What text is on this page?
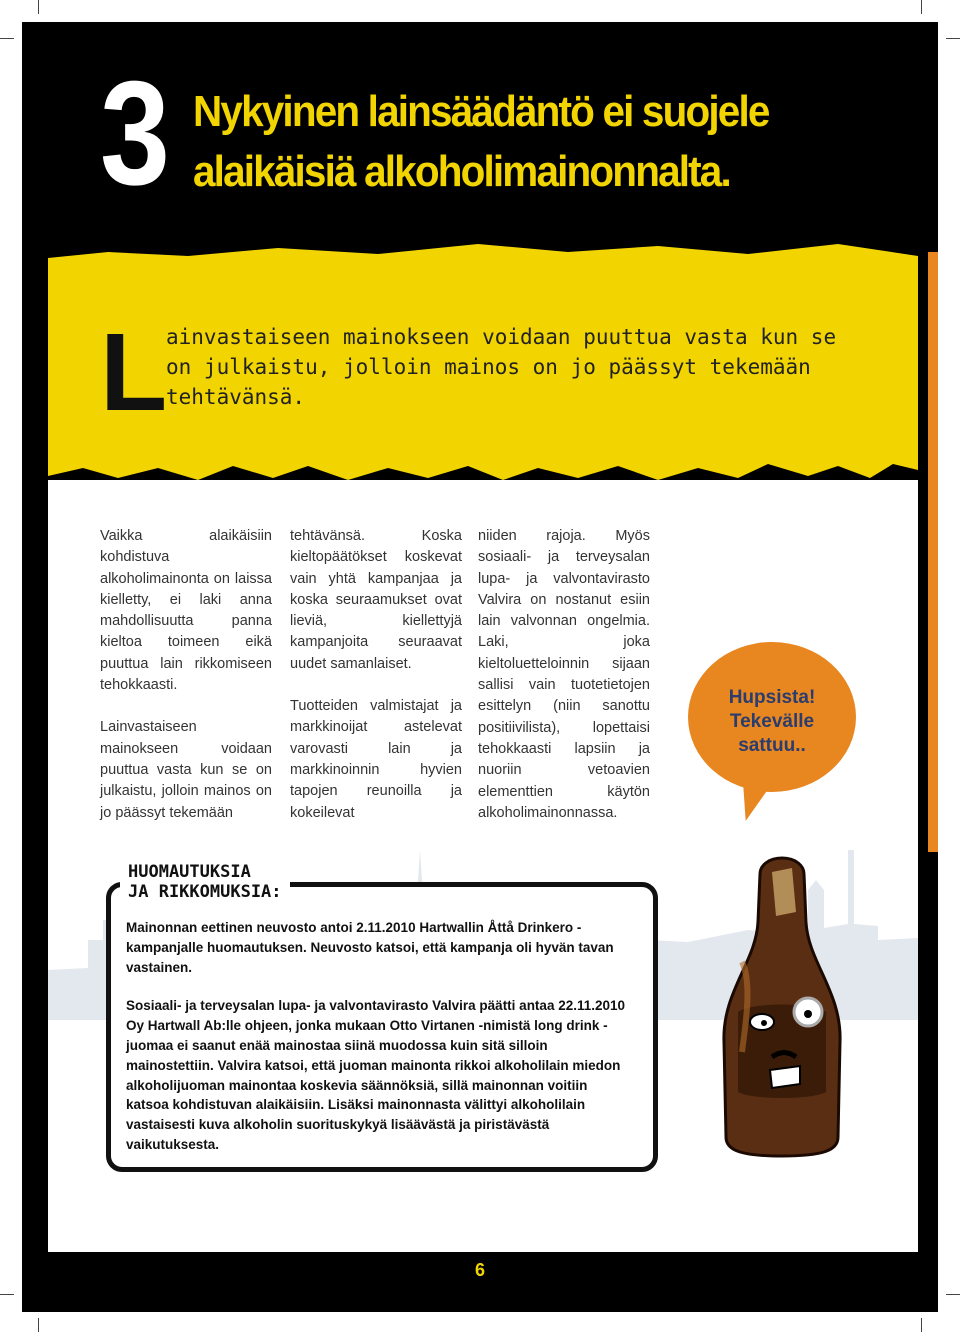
3 Nykyinen lainsäädäntö ei suojele
alaikäisiä alkoholimainonnalta.
L
ainvastaiseen mainokseen voidaan puuttua vasta kun se on julkaistu, jolloin mainos on jo päässyt tekemään tehtävänsä.

Vaikka alaikäisiin kohdistuva alkoholimainonta on laissa kielletty, ei laki anna mahdollisuutta panna kieltoa toimeen eikä puuttua lain rikkomiseen tehokkaasti.

Lainvastaiseen mainokseen voidaan puuttua vasta kun se on julkaistu, jolloin mainos on jo päässyt tekemään

tehtävänsä. Koska kieltopäätökset koskevat vain yhtä kampanjaa ja koska seuraamukset ovat lieviä, kiellettyjä kampanjoita seuraavat uudet samanlaiset.

Tuotteiden valmistajat ja markkinoijat astelevat varovasti lain ja markkinoinnin hyvien tapojen reunoilla ja kokeilevat

niiden rajoja. Myös sosiaali- ja terveysalan lupa- ja valvontavirasto Valvira on nostanut esiin lain valvonnan ongelmia. Laki, joka kieltoluetteloinnin sijaan sallisi vain tuotetietojen esittelyn (niin sanottu positiivilista), lopettaisi tehokkaasti lapsiin ja nuoriin vetoavien elementtien käytön alkoholimainonnassa.

Hupsista!
Tekevälle
sattuu..
HUOMAUTUKSIA
JA RIKKOMUKSIA:

Mainonnan eettinen neuvosto antoi 2.11.2010 Hartwallin Åttå Drinkero -kampanjalle huomautuksen. Neuvosto katsoi, että kampanja oli hyvän tavan vastainen.

Sosiaali- ja terveysalan lupa- ja valvontavirasto Valvira päätti antaa 22.11.2010 Oy Hartwall Ab:lle ohjeen, jonka mukaan Otto Virtanen -nimistä long drink -juomaa ei saanut enää mainostaa siinä muodossa kuin sitä silloin mainostettiin. Valvira katsoi, että juoman mainonta rikkoi alkoholilain miedon alkoholijuoman mainontaa koskevia säännöksiä, sillä mainonnan voitiin katsoa kohdistuvan alaikäisiin. Lisäksi mainonnasta välittyi alkoholilain vastaisesti kuva alkoholin suorituskykyä lisäävästä ja piristävästä vaikutuksesta.

6
